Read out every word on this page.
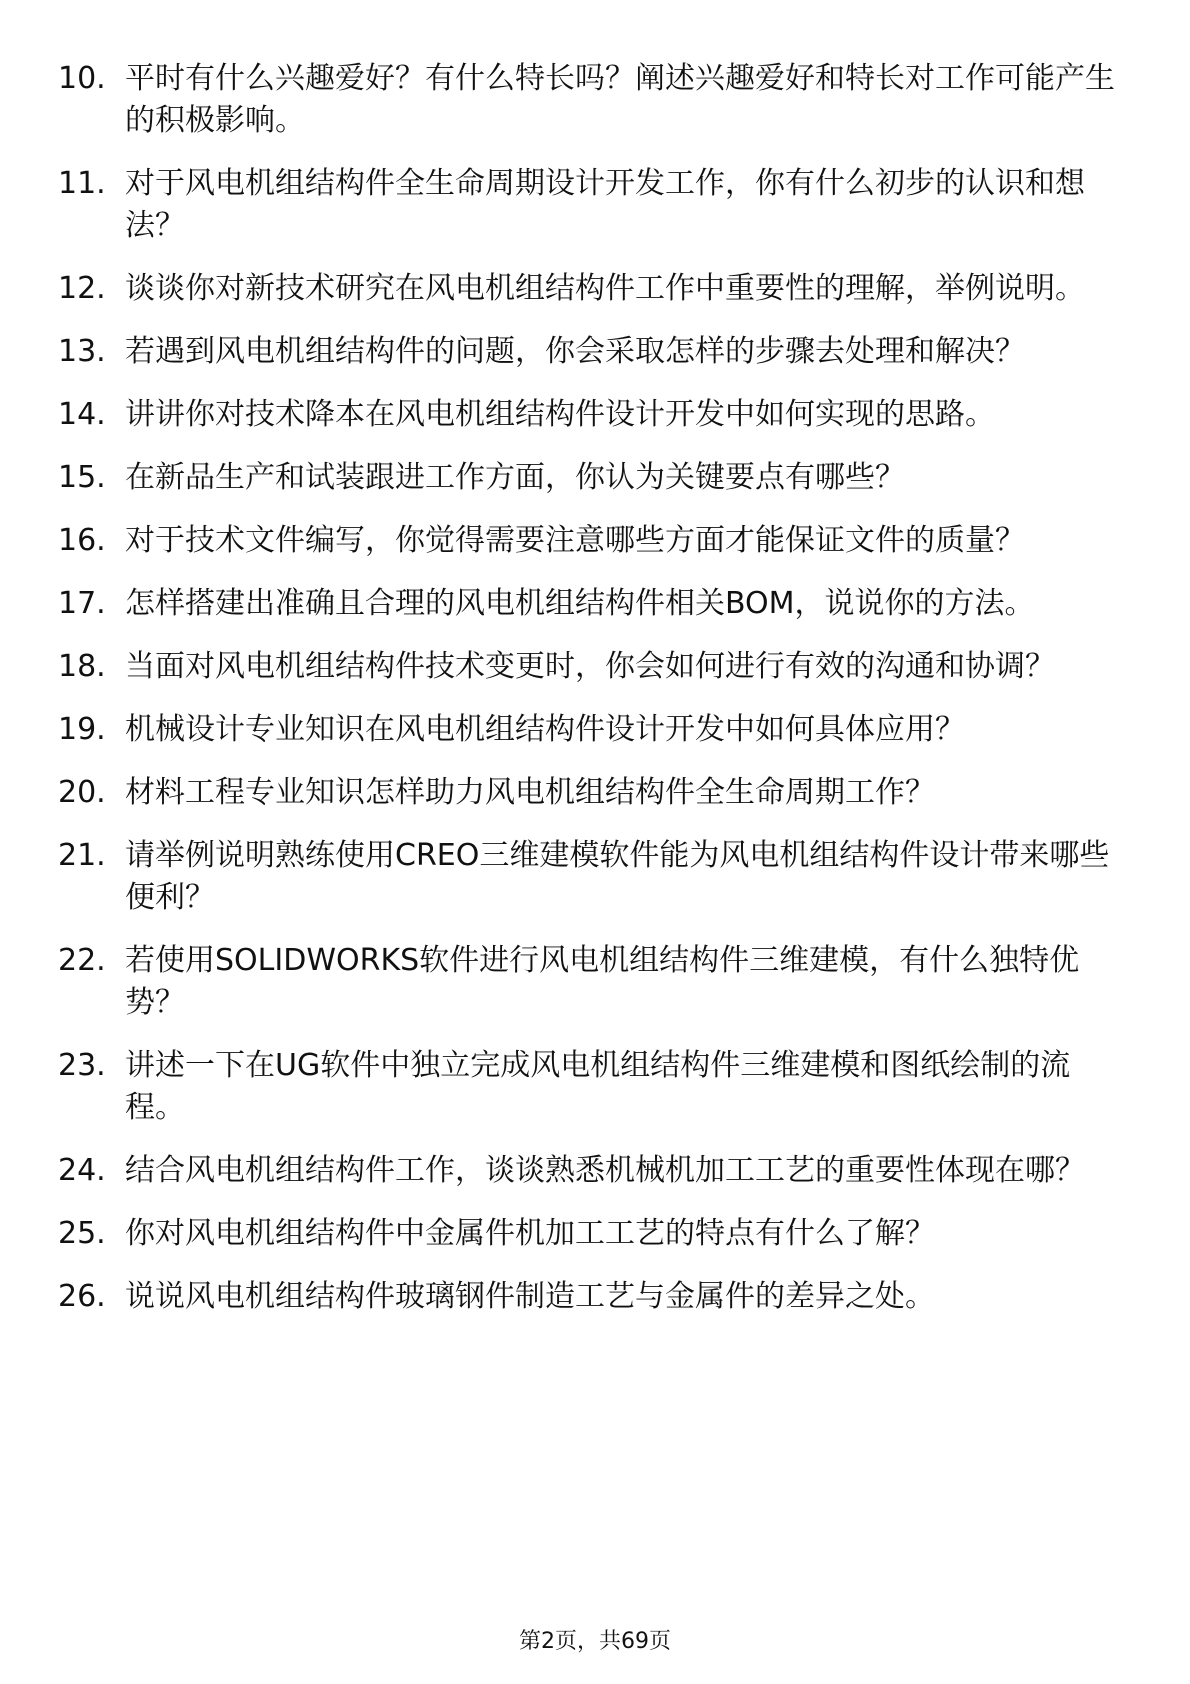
10. 平时有什么兴趣爱好？有什么特长吗？阐述兴趣爱好和特长对工作可能产生的积极影响。
11. 对于风电机组结构件全生命周期设计开发工作，你有什么初步的认识和想法？
12. 谈谈你对新技术研究在风电机组结构件工作中重要性的理解，举例说明。
13. 若遇到风电机组结构件的问题，你会采取怎样的步骤去处理和解决？
14. 讲讲你对技术降本在风电机组结构件设计开发中如何实现的思路。
15. 在新品生产和试装跟进工作方面，你认为关键要点有哪些？
16. 对于技术文件编写，你觉得需要注意哪些方面才能保证文件的质量？
17. 怎样搭建出准确且合理的风电机组结构件相关BOM，说说你的方法。
18. 当面对风电机组结构件技术变更时，你会如何进行有效的沟通和协调？
19. 机械设计专业知识在风电机组结构件设计开发中如何具体应用？
20. 材料工程专业知识怎样助力风电机组结构件全生命周期工作？
21. 请举例说明熟练使用CREO三维建模软件能为风电机组结构件设计带来哪些便利？
22. 若使用SOLIDWORKS软件进行风电机组结构件三维建模，有什么独特优势？
23. 讲述一下在UG软件中独立完成风电机组结构件三维建模和图纸绘制的流程。
24. 结合风电机组结构件工作，谈谈熟悉机械机加工工艺的重要性体现在哪？
25. 你对风电机组结构件中金属件机加工工艺的特点有什么了解？
26. 说说风电机组结构件玻璃钢件制造工艺与金属件的差异之处。
第2页，共69页
